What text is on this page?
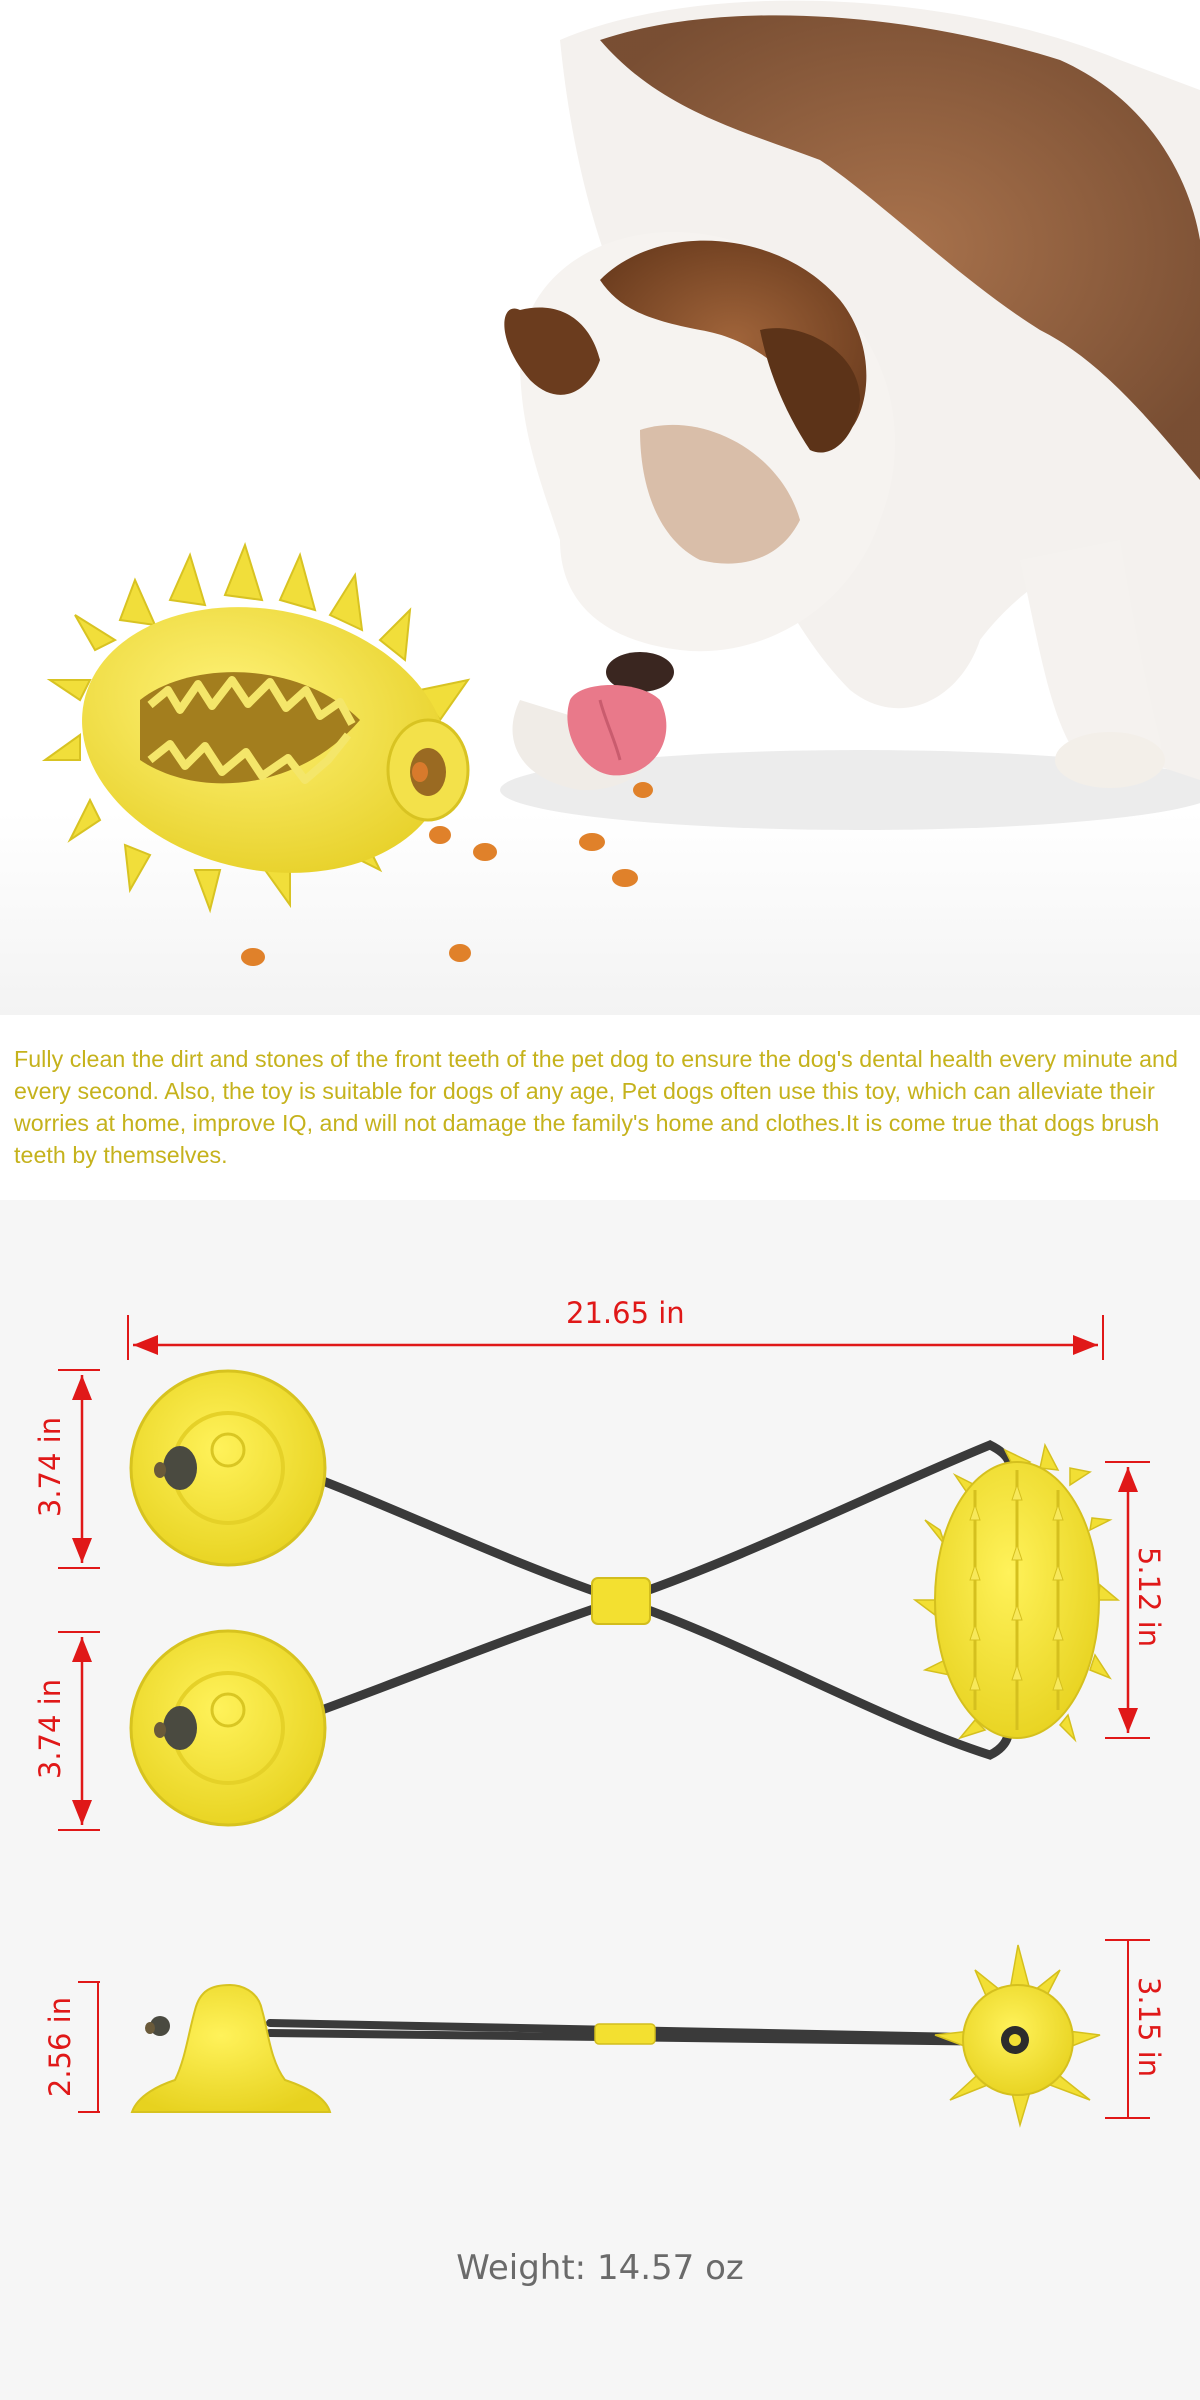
Fully clean the dirt and stones of the front teeth of the pet dog to ensure the dog's dental health every minute and every second. Also, the toy is suitable for dogs of any age, Pet dogs often use this toy, which can alleviate their worries at home, improve IQ, and will not damage the family's home and clothes.It is come true that dogs brush teeth by themselves.

21.65 in
3.74 in
3.74 in
5.12 in
2.56 in	3.15 in
Weight: 14.57 oz
